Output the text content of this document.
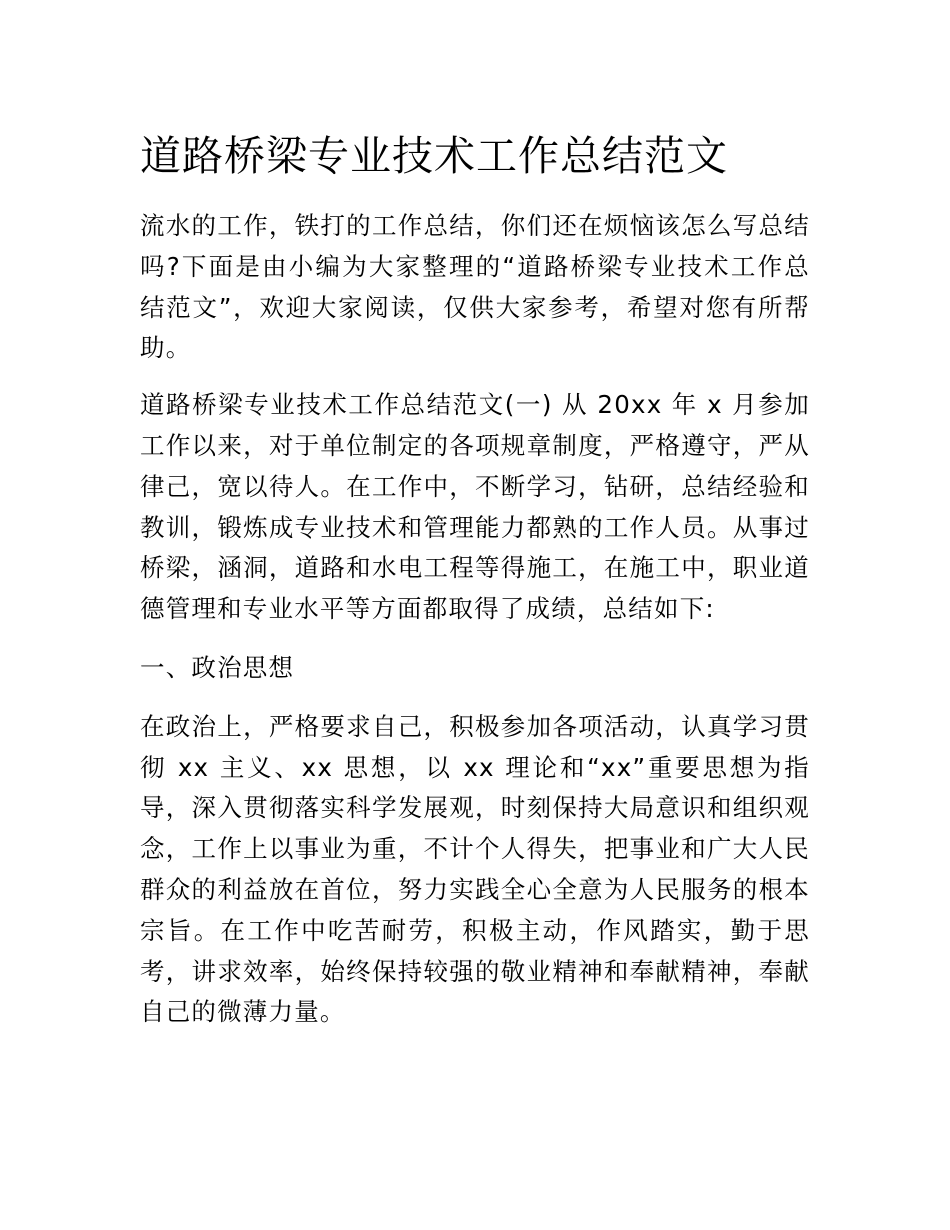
道路桥梁专业技术工作总结范文

流水的工作，铁打的工作总结，你们还在烦恼该怎么写总结吗?下面是由小编为大家整理的“道路桥梁专业技术工作总结范文”，欢迎大家阅读，仅供大家参考，希望对您有所帮助。

道路桥梁专业技术工作总结范文(一) 从 20xx 年 x 月参加工作以来，对于单位制定的各项规章制度，严格遵守，严从律己，宽以待人。在工作中，不断学习，钻研，总结经验和教训，锻炼成专业技术和管理能力都熟的工作人员。从事过桥梁，涵洞，道路和水电工程等得施工，在施工中，职业道德管理和专业水平等方面都取得了成绩，总结如下:

一、政治思想

在政治上，严格要求自己，积极参加各项活动，认真学习贯彻 xx 主义、xx 思想，以 xx 理论和“xx”重要思想为指导，深入贯彻落实科学发展观，时刻保持大局意识和组织观念，工作上以事业为重，不计个人得失，把事业和广大人民群众的利益放在首位，努力实践全心全意为人民服务的根本宗旨。在工作中吃苦耐劳，积极主动，作风踏实，勤于思考，讲求效率，始终保持较强的敬业精神和奉献精神，奉献自己的微薄力量。
